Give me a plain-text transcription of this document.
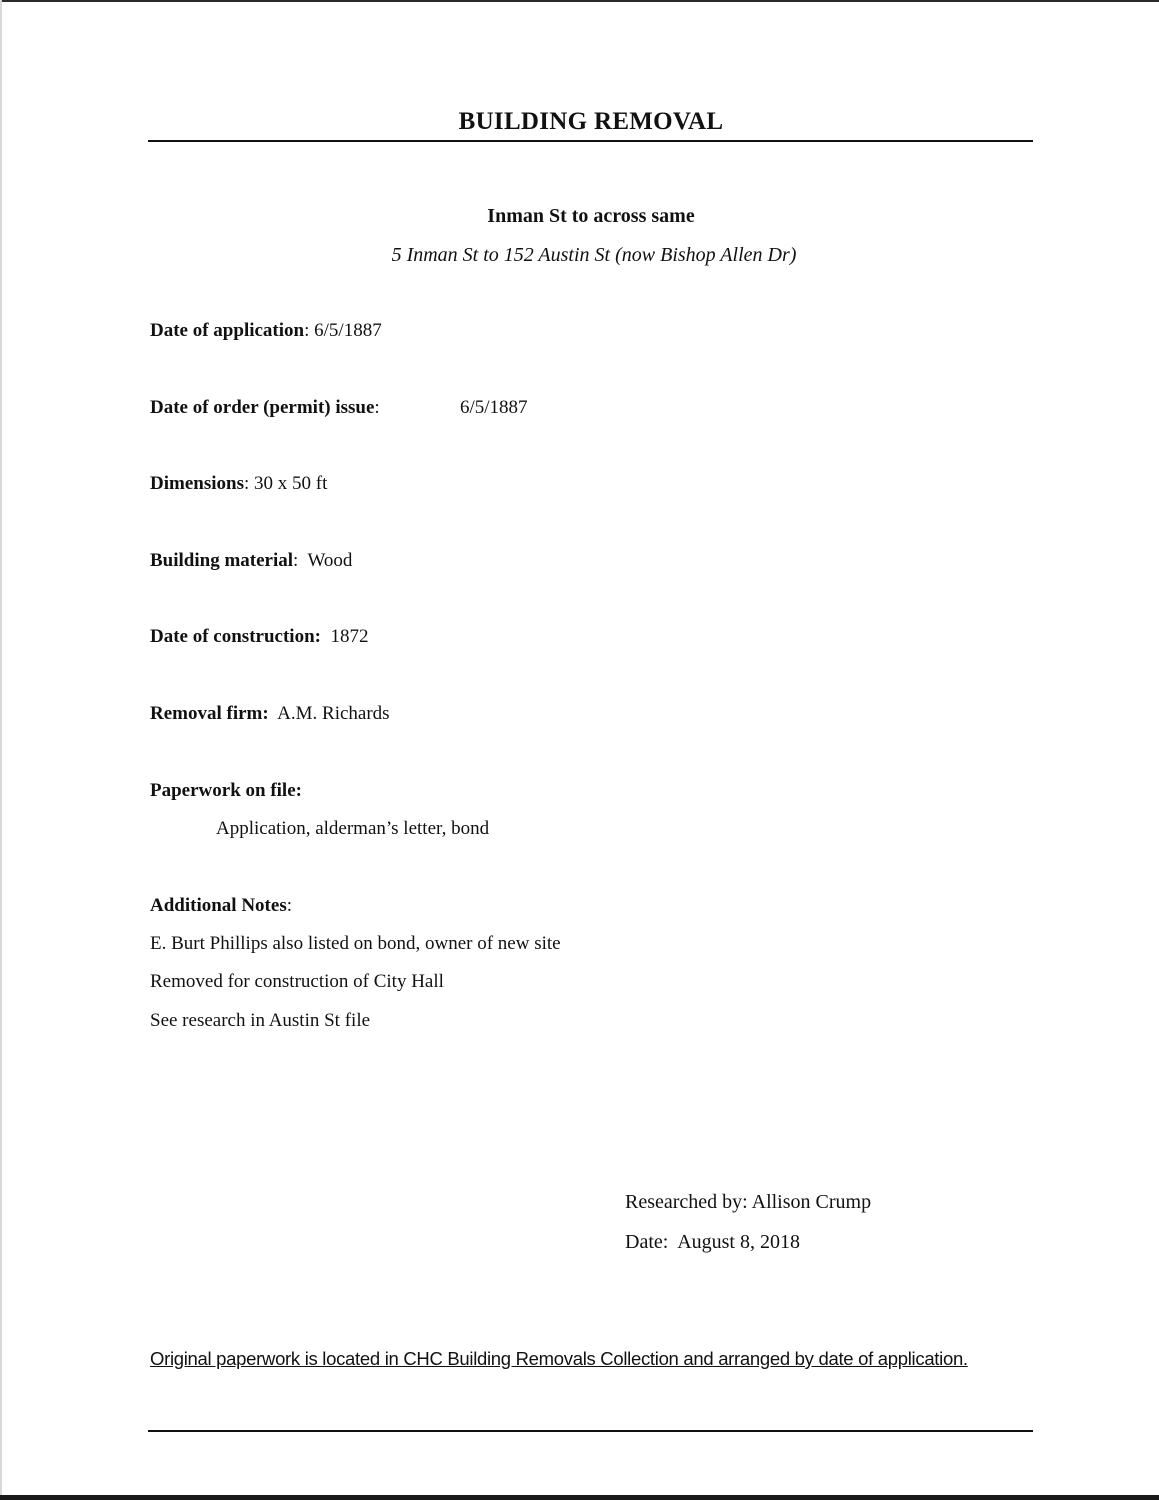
BUILDING REMOVAL
Inman St to across same
5 Inman St to 152 Austin St (now Bishop Allen Dr)
Date of application: 6/5/1887
Date of order (permit) issue:	6/5/1887
Dimensions: 30 x 50 ft
Building material:  Wood
Date of construction: 1872
Removal firm: A.M. Richards
Paperwork on file:
Application, alderman’s letter, bond
Additional Notes:
E. Burt Phillips also listed on bond, owner of new site
Removed for construction of City Hall
See research in Austin St file
Researched by: Allison Crump
Date:  August 8, 2018
Original paperwork is located in CHC Building Removals Collection and arranged by date of application.
